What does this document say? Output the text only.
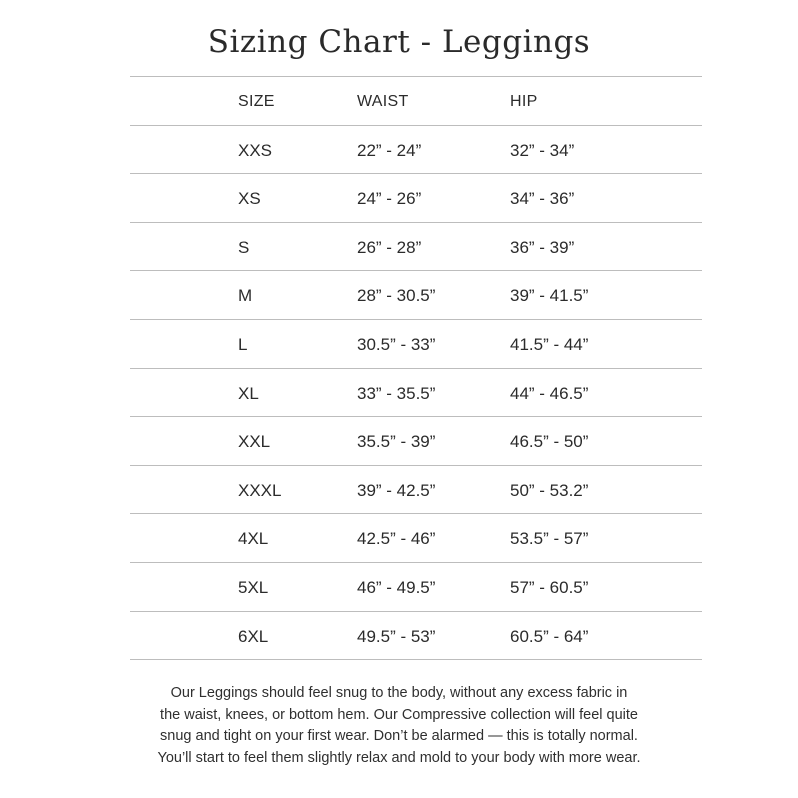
Sizing Chart - Leggings
SIZE	WAIST	HIP
XXS	22” - 24”	32” - 34”
XS	24” - 26”	34” - 36”
S	26” - 28”	36” - 39”
M	28” - 30.5”	39” - 41.5”
L	30.5” - 33”	41.5” - 44”
XL	33” - 35.5”	44” - 46.5”
XXL	35.5” - 39”	46.5” - 50”
XXXL	39” - 42.5”	50” - 53.2”
4XL	42.5” - 46”	53.5” - 57”
5XL	46” - 49.5”	57” - 60.5”
6XL	49.5” - 53”	60.5” - 64”
Our Leggings should feel snug to the body, without any excess fabric in
the waist, knees, or bottom hem. Our Compressive collection will feel quite
snug and tight on your first wear. Don’t be alarmed — this is totally normal.
You’ll start to feel them slightly relax and mold to your body with more wear.
